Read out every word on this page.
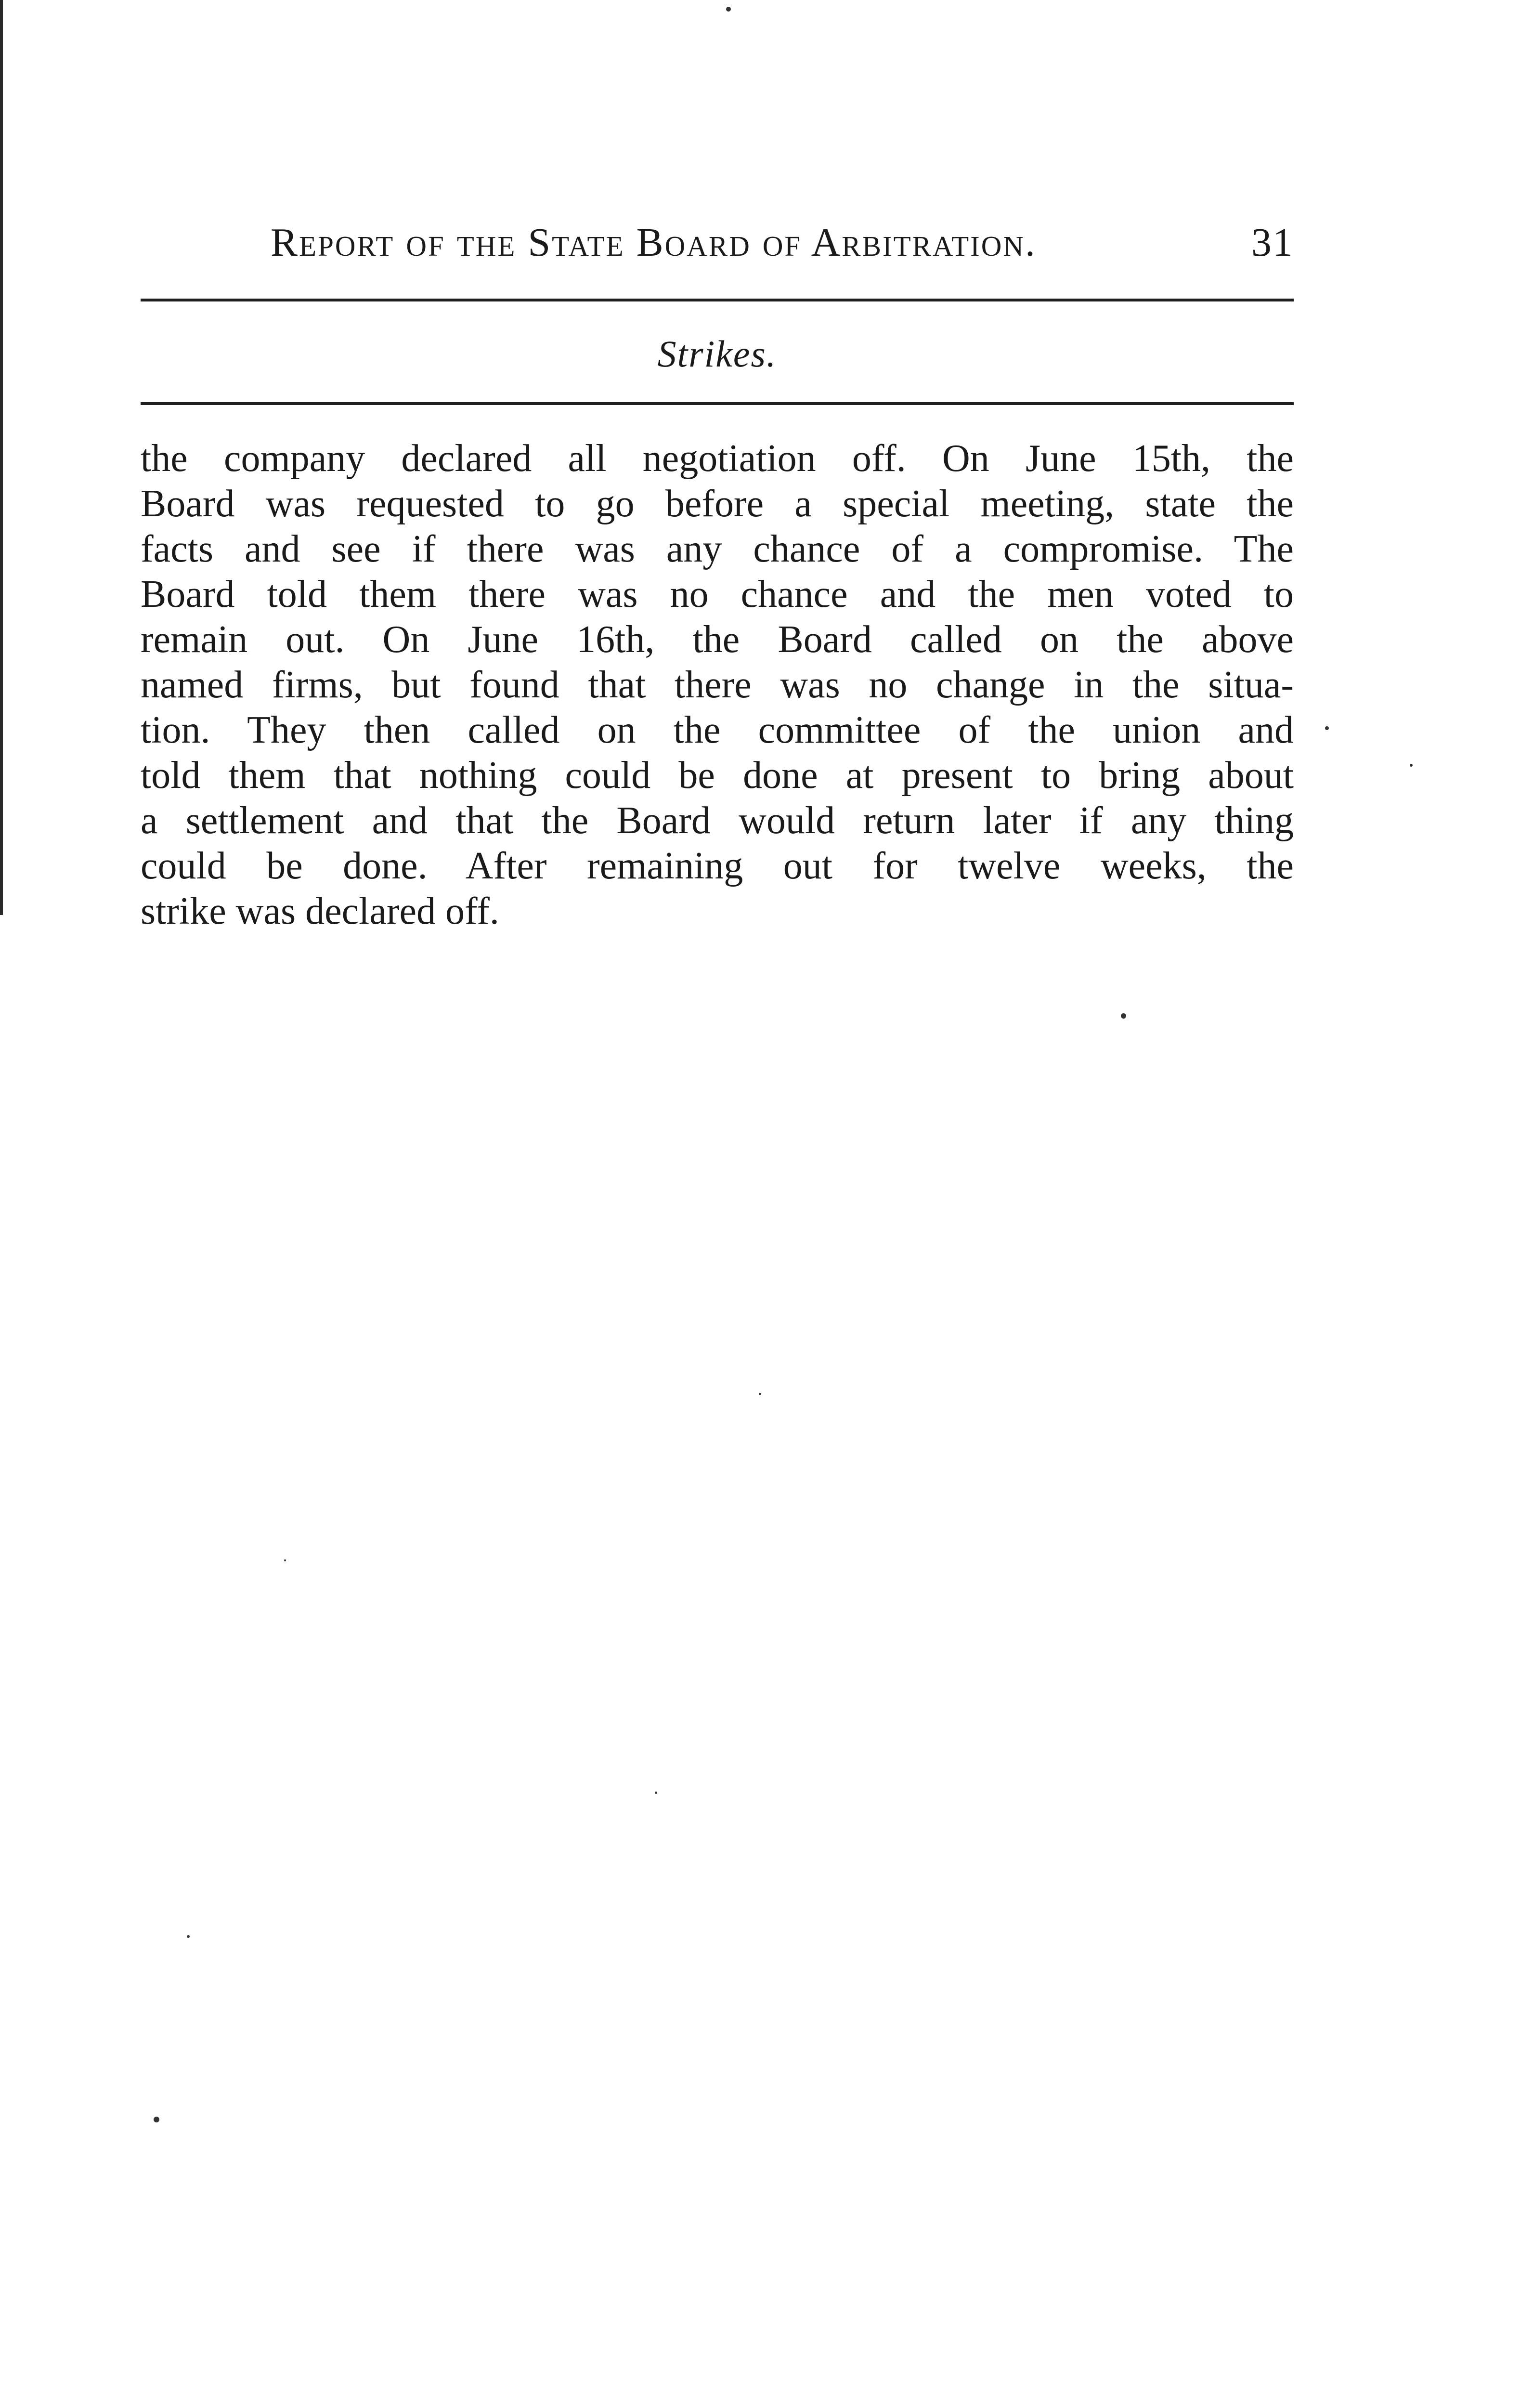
Report of the State Board of Arbitration.	31
Strikes.

the company declared all negotiation off. On June 15th, the
Board was requested to go before a special meeting, state the
facts and see if there was any chance of a compromise. The
Board told them there was no chance and the men voted to
remain out. On June 16th, the Board called on the above
named firms, but found that there was no change in the situa-
tion. They then called on the committee of the union and
told them that nothing could be done at present to bring about
a settlement and that the Board would return later if any thing
could be done. After remaining out for twelve weeks, the
strike was declared off.
